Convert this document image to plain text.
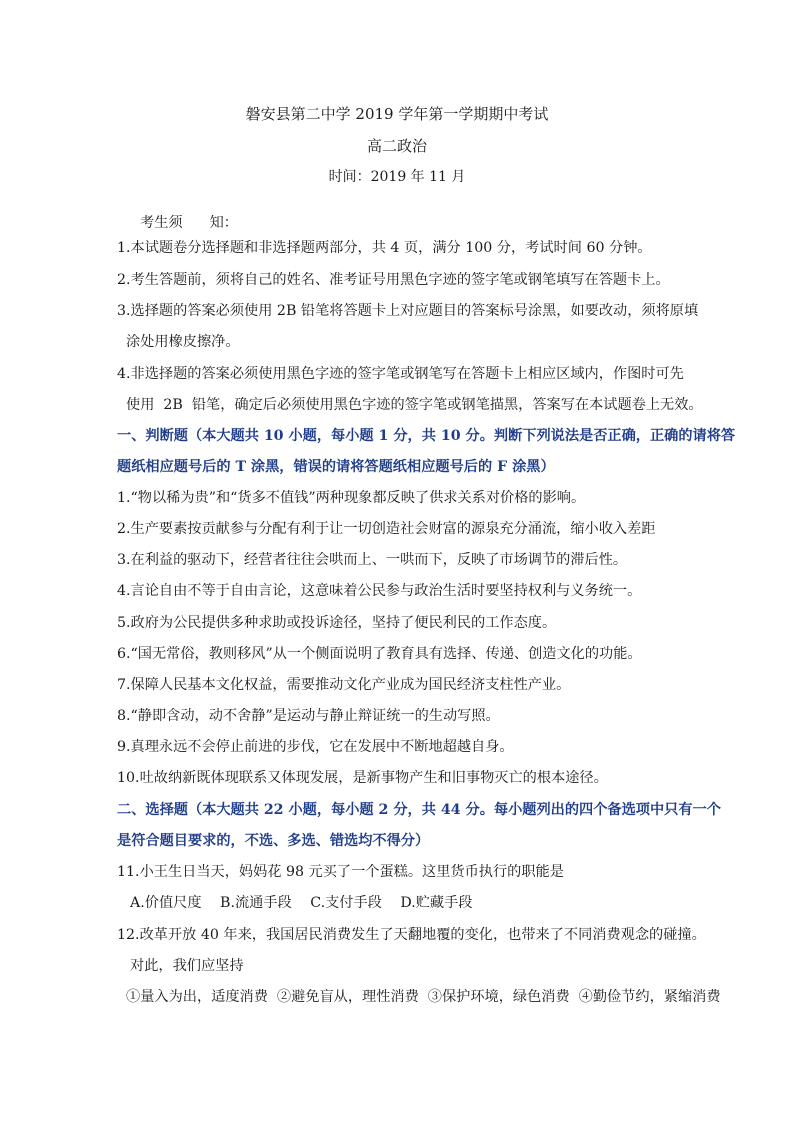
磐安县第二中学 2019 学年第一学期期中考试
高二政治
时间：2019 年 11 月
考生须      知：
1.本试题卷分选择题和非选择题两部分，共 4 页，满分 100 分，考试时间 60 分钟。
2.考生答题前，须将自己的姓名、准考证号用黑色字迹的签字笔或钢笔填写在答题卡上。
3.选择题的答案必须使用 2B 铅笔将答题卡上对应题目的答案标号涂黑，如要改动，须将原填
涂处用橡皮擦净。
4.非选择题的答案必须使用黑色字迹的签字笔或钢笔写在答题卡上相应区域内，作图时可先
使用  2B  铅笔，确定后必须使用黑色字迹的签字笔或钢笔描黑，答案写在本试题卷上无效。
一、判断题（本大题共 10 小题，每小题 1 分，共 10 分。判断下列说法是否正确，正确的请将答
题纸相应题号后的 T 涂黑，错误的请将答题纸相应题号后的 F 涂黑）
1.“物以稀为贵”和“货多不值钱”两种现象都反映了供求关系对价格的影响。
2.生产要素按贡献参与分配有利于让一切创造社会财富的源泉充分涌流，缩小收入差距
3.在利益的驱动下，经营者往往会哄而上、一哄而下，反映了市场调节的滞后性。
4.言论自由不等于自由言论，这意味着公民参与政治生活时要坚持权利与义务统一。
5.政府为公民提供多种求助或投诉途径，坚持了便民利民的工作态度。
6.“国无常俗，教则移风”从一个侧面说明了教育具有选择、传递、创造文化的功能。
7.保障人民基本文化权益，需要推动文化产业成为国民经济支柱性产业。
8.“静即含动，动不舍静”是运动与静止辩证统一的生动写照。
9.真理永远不会停止前进的步伐，它在发展中不断地超越自身。
10.吐故纳新既体现联系又体现发展，是新事物产生和旧事物灭亡的根本途径。
二、选择题（本大题共 22 小题，每小题 2 分，共 44 分。每小题列出的四个备选项中只有一个
是符合题目要求的，不选、多选、错选均不得分）
11.小王生日当天，妈妈花 98 元买了一个蛋糕。这里货币执行的职能是
A.价值尺度 B.流通手段 C.支付手段 D.贮藏手段
12.改革开放 40 年来，我国居民消费发生了天翻地覆的变化，也带来了不同消费观念的碰撞。
对此，我们应坚持
①量入为出，适度消费  ②避免盲从，理性消费  ③保护环境，绿色消费  ④勤俭节约，紧缩消费
